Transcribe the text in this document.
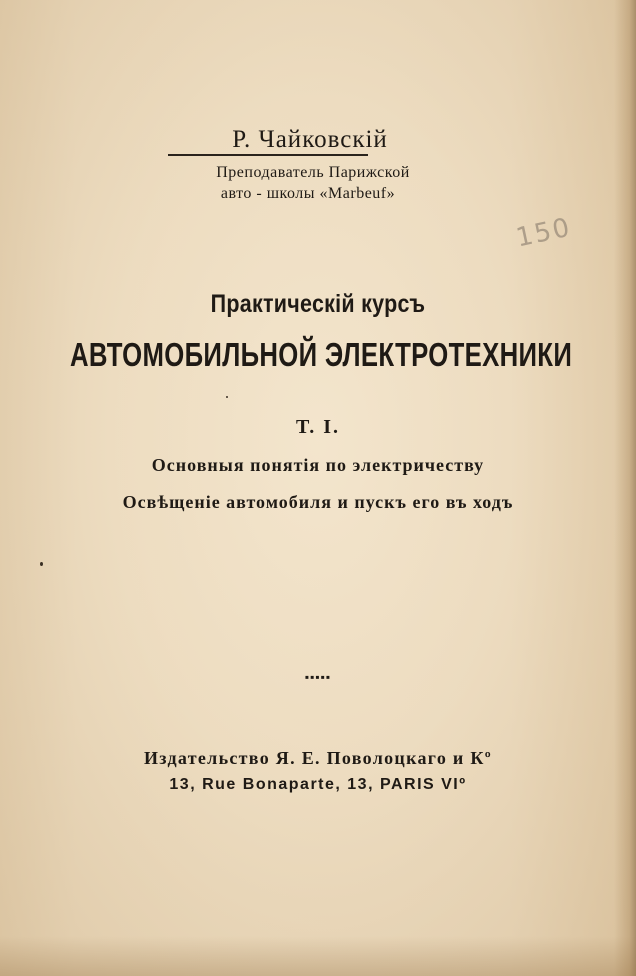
Р. Чайковскiй
Преподаватель Парижской
авто - школы «Marbeuf»
150
Практическiй курсъ
АВТОМОБИЛЬНОЙ ЭЛЕКТРОТЕХНИКИ
Т. I.
Основныя понятiя по электричеству
Освѣщенiе автомобиля и пускъ его въ ходъ
▪▪▪▪▪
Издательство Я. Е. Поволоцкаго и Кº
13, Rue Bonaparte, 13, PARIS VIº
